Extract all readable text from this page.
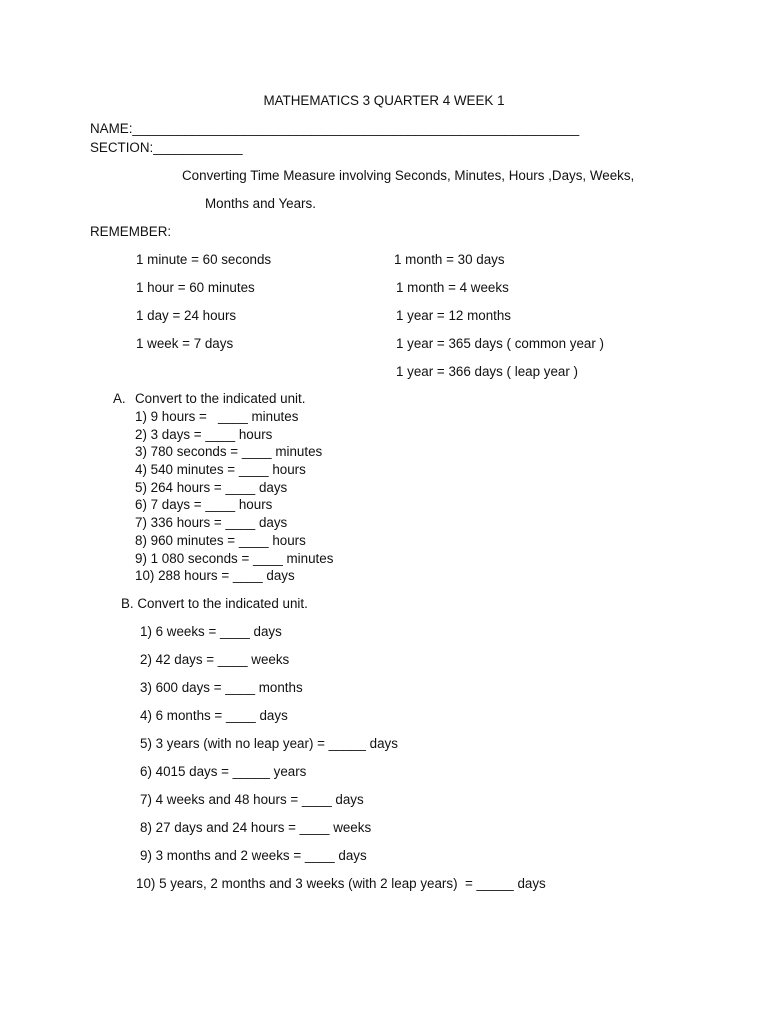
MATHEMATICS 3 QUARTER 4 WEEK 1
NAME:____________________________________________________________
SECTION:____________
Converting Time Measure involving Seconds, Minutes, Hours ,Days, Weeks,
Months and Years.
REMEMBER:
1 minute = 60 seconds
1 hour = 60 minutes
1 day = 24 hours
1 week = 7 days
1 month = 30 days
1 month = 4 weeks
1 year = 12 months
1 year = 365 days ( common year )
1 year = 366 days ( leap year )
A. Convert to the indicated unit.
1) 9 hours =   ____ minutes
2) 3 days = ____ hours
3) 780 seconds = ____ minutes
4) 540 minutes = ____ hours
5) 264 hours = ____ days
6) 7 days = ____ hours
7) 336 hours = ____ days
8) 960 minutes = ____ hours
9) 1 080 seconds = ____ minutes
10) 288 hours = ____ days
B. Convert to the indicated unit.
1) 6 weeks = ____ days
2) 42 days = ____ weeks
3) 600 days = ____ months
4) 6 months = ____ days
5) 3 years (with no leap year) = _____ days
6) 4015 days = _____ years
7) 4 weeks and 48 hours = ____ days
8) 27 days and 24 hours = ____ weeks
9) 3 months and 2 weeks = ____ days
10) 5 years, 2 months and 3 weeks (with 2 leap years)  = _____ days
